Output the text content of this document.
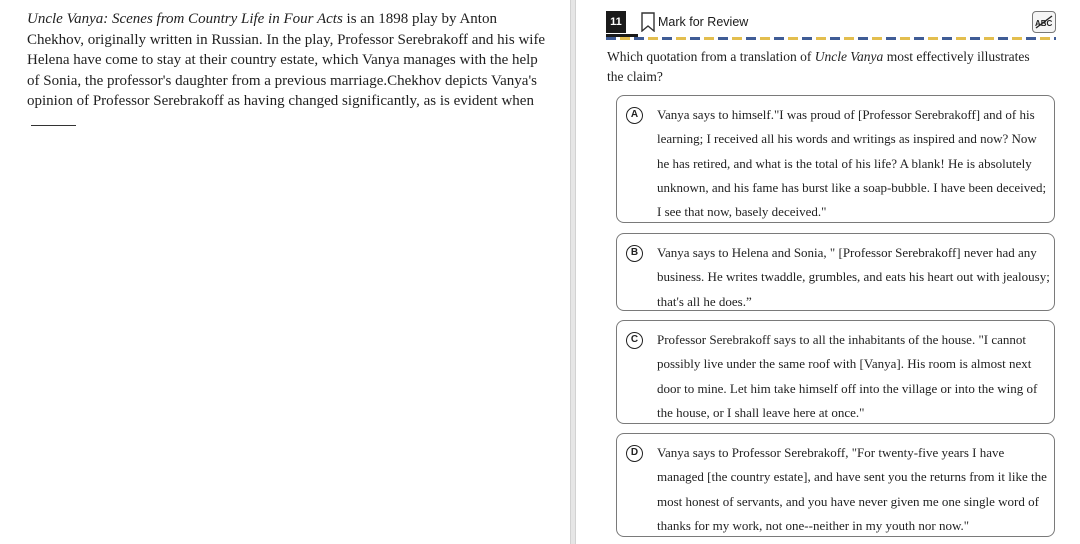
Uncle Vanya: Scenes from Country Life in Four Acts is an 1898 play by Anton Chekhov, originally written in Russian. In the play, Professor Serebrakoff and his wife Helena have come to stay at their country estate, which Vanya manages with the help of Sonia, the professor's daughter from a previous marriage.Chekhov depicts Vanya's opinion of Professor Serebrakoff as having changed significantly, as is evident when

11	Mark for Review	ABC

Which quotation from a translation of Uncle Vanya most effectively illustrates the claim?

A	Vanya says to himself."I was proud of [Professor Serebrakoff] and of his learning; I received all his words and writings as inspired and now? Now he has retired, and what is the total of his life? A blank! He is absolutely unknown, and his fame has burst like a soap-bubble. I have been deceived; I see that now, basely deceived."
B	Vanya says to Helena and Sonia, " [Professor Serebrakoff] never had any business. He writes twaddle, grumbles, and eats his heart out with jealousy; that's all he does.”
C	Professor Serebrakoff says to all the inhabitants of the house. "I cannot possibly live under the same roof with [Vanya]. His room is almost next door to mine. Let him take himself off into the village or into the wing of the house, or I shall leave here at once."
D	Vanya says to Professor Serebrakoff, "For twenty-five years I have managed [the country estate], and have sent you the returns from it like the most honest of servants, and you have never given me one single word of thanks for my work, not one--neither in my youth nor now."
